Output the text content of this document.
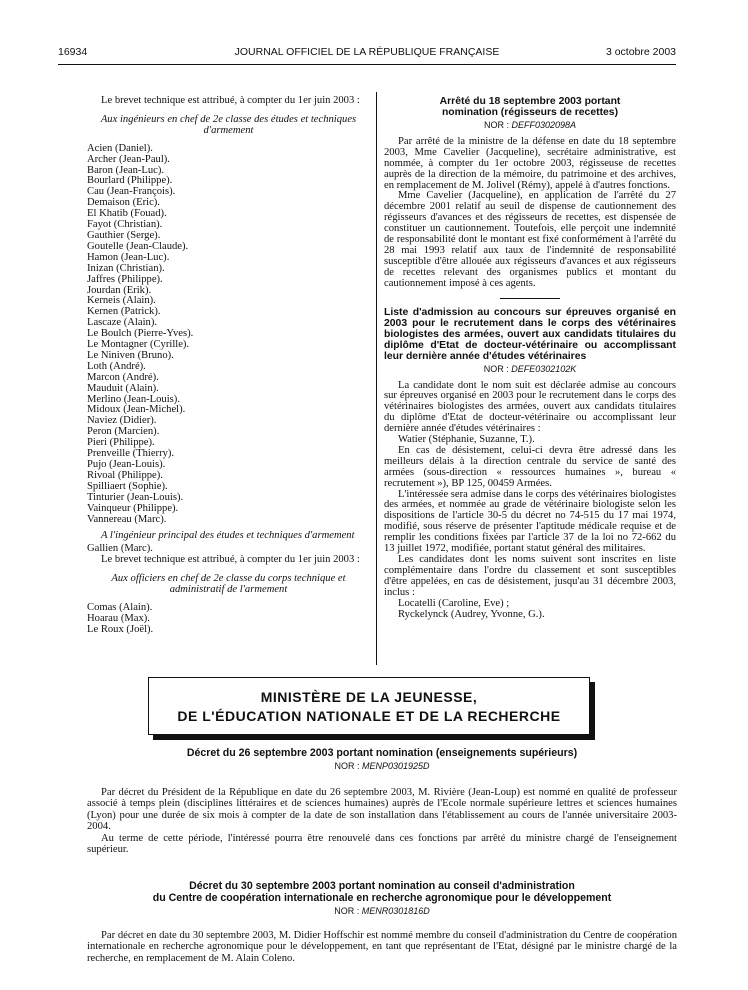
16934	JOURNAL OFFICIEL DE LA RÉPUBLIQUE FRANÇAISE	3 octobre 2003

Le brevet technique est attribué, à compter du 1er juin 2003 :

Aux ingénieurs en chef de 2e classe des études et techniques d'armement

Acien (Daniel).
Archer (Jean-Paul).
Baron (Jean-Luc).
Bourlard (Philippe).
Cau (Jean-François).
Demaison (Eric).
El Khatib (Fouad).
Fayot (Christian).
Gauthier (Serge).
Goutelle (Jean-Claude).
Hamon (Jean-Luc).
Inizan (Christian).
Jaffres (Philippe).
Jourdan (Erik).
Kerneis (Alain).
Kernen (Patrick).
Lascaze (Alain).
Le Boulch (Pierre-Yves).
Le Montagner (Cyrille).
Le Niniven (Bruno).
Loth (André).
Marcon (André).
Mauduit (Alain).
Merlino (Jean-Louis).
Midoux (Jean-Michel).
Naviez (Didier).
Peron (Marcien).
Pieri (Philippe).
Prenveille (Thierry).
Pujo (Jean-Louis).
Rivoal (Philippe).
Spilliaert (Sophie).
Tinturier (Jean-Louis).
Vainqueur (Philippe).
Vannereau (Marc).

A l'ingénieur principal des études et techniques d'armement

Gallien (Marc).

Le brevet technique est attribué, à compter du 1er juin 2003 :

Aux officiers en chef de 2e classe du corps technique et administratif de l'armement

Comas (Alain).
Hoarau (Max).
Le Roux (Joël).
Arrêté du 18 septembre 2003 portant nomination (régisseurs de recettes)
NOR : DEFF0302098A

Par arrêté de la ministre de la défense en date du 18 septembre 2003, Mme Cavelier (Jacqueline), secrétaire administrative, est nommée, à compter du 1er octobre 2003, régisseuse de recettes auprès de la direction de la mémoire, du patrimoine et des archives, en remplacement de M. Jolivel (Rémy), appelé à d'autres fonctions.

Mme Cavelier (Jacqueline), en application de l'arrêté du 27 décembre 2001 relatif au seuil de dispense de cautionnement des régisseurs d'avances et des régisseurs de recettes, est dispensée de constituer un cautionnement. Toutefois, elle perçoit une indemnité de responsabilité dont le montant est fixé conformément à l'arrêté du 28 mai 1993 relatif aux taux de l'indemnité de responsabilité susceptible d'être allouée aux régisseurs d'avances et aux régisseurs de recettes relevant des organismes publics et montant du cautionnement imposé à ces agents.

Liste d'admission au concours sur épreuves organisé en 2003 pour le recrutement dans le corps des vétérinaires biologistes des armées, ouvert aux candidats titulaires du diplôme d'Etat de docteur-vétérinaire ou accomplissant leur dernière année d'études vétérinaires
NOR : DEFE0302102K

La candidate dont le nom suit est déclarée admise au concours sur épreuves organisé en 2003 pour le recrutement dans le corps des vétérinaires biologistes des armées, ouvert aux candidats titulaires du diplôme d'Etat de docteur-vétérinaire ou accomplissant leur dernière année d'études vétérinaires :

Watier (Stéphanie, Suzanne, T.).

En cas de désistement, celui-ci devra être adressé dans les meilleurs délais à la direction centrale du service de santé des armées (sous-direction « ressources humaines », bureau « recrutement »), BP 125, 00459 Armées.

L'intéressée sera admise dans le corps des vétérinaires biologistes des armées, et nommée au grade de vétérinaire biologiste selon les dispositions de l'article 30-5 du décret no 74-515 du 17 mai 1974, modifié, sous réserve de présenter l'aptitude médicale requise et de remplir les conditions fixées par l'article 37 de la loi no 72-662 du 13 juillet 1972, modifiée, portant statut général des militaires.

Les candidates dont les noms suivent sont inscrites en liste complémentaire dans l'ordre du classement et sont susceptibles d'être appelées, en cas de désistement, jusqu'au 31 décembre 2003, inclus :

Locatelli (Caroline, Eve) ;
Ryckelynck (Audrey, Yvonne, G.).
MINISTÈRE DE LA JEUNESSE,
DE L'ÉDUCATION NATIONALE ET DE LA RECHERCHE
Décret du 26 septembre 2003 portant nomination (enseignements supérieurs)
NOR : MENP0301925D

Par décret du Président de la République en date du 26 septembre 2003, M. Rivière (Jean-Loup) est nommé en qualité de professeur associé à temps plein (disciplines littéraires et de sciences humaines) auprès de l'Ecole normale supérieure lettres et sciences humaines (Lyon) pour une durée de six mois à compter de la date de son installation dans l'établissement au cours de l'année universitaire 2003-2004.

Au terme de cette période, l'intéressé pourra être renouvelé dans ces fonctions par arrêté du ministre chargé de l'enseignement supérieur.

Décret du 30 septembre 2003 portant nomination au conseil d'administration
du Centre de coopération internationale en recherche agronomique pour le développement
NOR : MENR0301816D

Par décret en date du 30 septembre 2003, M. Didier Hoffschir est nommé membre du conseil d'administration du Centre de coopération internationale en recherche agronomique pour le développement, en tant que représentant de l'Etat, désigné par le ministre chargé de la recherche, en remplacement de M. Alain Coleno.
